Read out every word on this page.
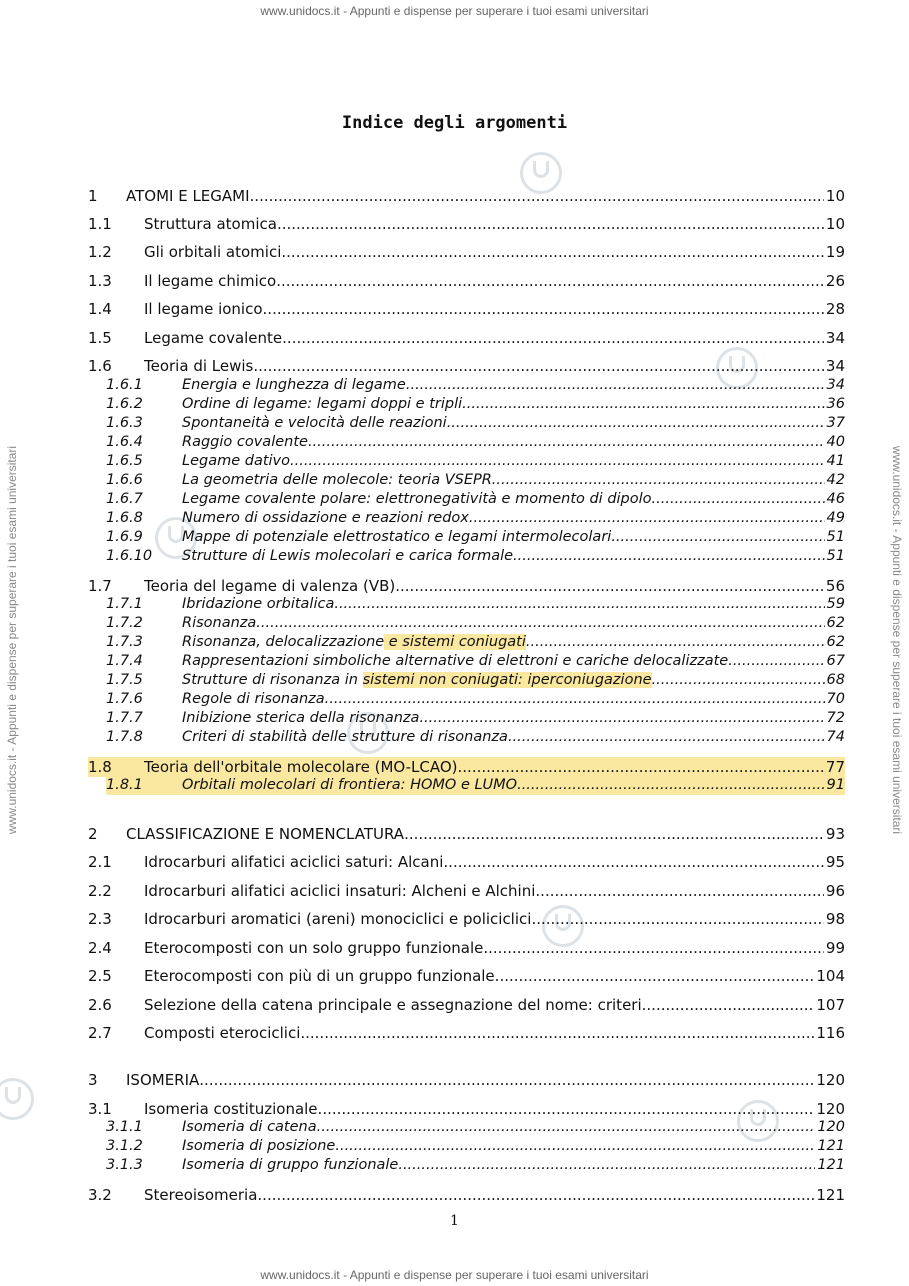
www.unidocs.it - Appunti e dispense per superare i tuoi esami universitari
www.unidocs.it - Appunti e dispense per superare i tuoi esami universitari	www.unidocs.it - Appunti e dispense per superare i tuoi esami universitari
Indice degli argomenti
1	ATOMI E LEGAMI .....	10
1.1	Struttura atomica .....	10
1.2	Gli orbitali atomici .....	19
1.3	Il legame chimico .....	26
1.4	Il legame ionico .....	28
1.5	Legame covalente .....	34
1.6	Teoria di Lewis .....	34
1.6.1	Energia e lunghezza di legame .....	34
1.6.2	Ordine di legame: legami doppi e tripli .....	36
1.6.3	Spontaneità e velocità delle reazioni .....	37
1.6.4	Raggio covalente .....	40
1.6.5	Legame dativo .....	41
1.6.6	La geometria delle molecole: teoria VSEPR .....	42
1.6.7	Legame covalente polare: elettronegatività e momento di dipolo .....	46
1.6.8	Numero di ossidazione e reazioni redox .....	49
1.6.9	Mappe di potenziale elettrostatico e legami intermolecolari .....	51
1.6.10	Strutture di Lewis molecolari e carica formale .....	51
1.7	Teoria del legame di valenza (VB) .....	56
1.7.1	Ibridazione orbitalica .....	59
1.7.2	Risonanza .....	62
1.7.3	Risonanza, delocalizzazione e sistemi coniugati .....	62
1.7.4	Rappresentazioni simboliche alternative di elettroni e cariche delocalizzate .....	67
1.7.5	Strutture di risonanza in sistemi non coniugati: iperconiugazione .....	68
1.7.6	Regole di risonanza .....	70
1.7.7	Inibizione sterica della risonanza .....	72
1.7.8	Criteri di stabilità delle strutture di risonanza .....	74
1.8	Teoria dell'orbitale molecolare (MO-LCAO) .....	77
1.8.1	Orbitali molecolari di frontiera: HOMO e LUMO .....	91
2	CLASSIFICAZIONE E NOMENCLATURA .....	93
2.1	Idrocarburi alifatici aciclici saturi: Alcani .....	95
2.2	Idrocarburi alifatici aciclici insaturi: Alcheni e Alchini .....	96
2.3	Idrocarburi aromatici (areni) monociclici e policiclici .....	98
2.4	Eterocomposti con un solo gruppo funzionale .....	99
2.5	Eterocomposti con più di un gruppo funzionale .....	104
2.6	Selezione della catena principale e assegnazione del nome: criteri .....	107
2.7	Composti eterociclici .....	116
3	ISOMERIA .....	120
3.1	Isomeria costituzionale .....	120
3.1.1	Isomeria di catena .....	120
3.1.2	Isomeria di posizione .....	121
3.1.3	Isomeria di gruppo funzionale .....	121
3.2	Stereoisomeria .....	121
1
www.unidocs.it - Appunti e dispense per superare i tuoi esami universitari
